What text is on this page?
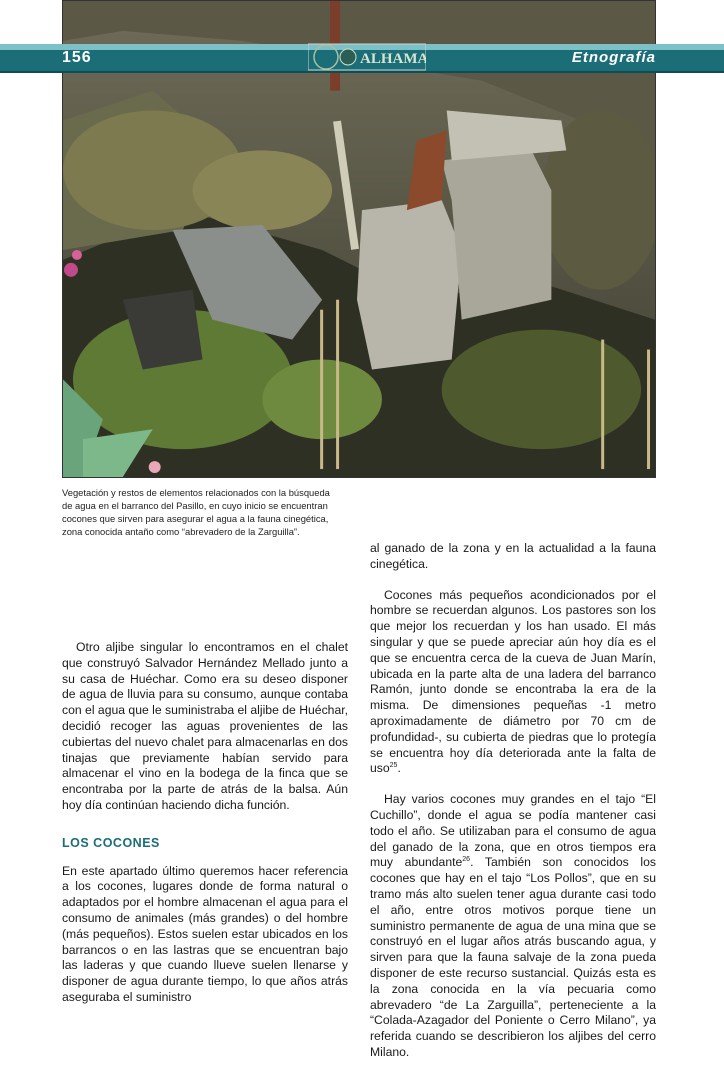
156	ALHAMA	Etnografía
Vegetación y restos de elementos relacionados con la búsqueda de agua en el barranco del Pasillo, en cuyo inicio se encuentran cocones que sirven para asegurar el agua a la fauna cinegética, zona conocida antaño como “abrevadero de la Zarguilla”.

Otro aljibe singular lo encontramos en el chalet que construyó Salvador Hernández Mellado junto a su casa de Huéchar. Como era su deseo disponer de agua de lluvia para su consumo, aunque contaba con el agua que le suministraba el aljibe de Huéchar, decidió recoger las aguas provenientes de las cubiertas del nuevo chalet para almacenarlas en dos tinajas que previamente habían servido para almacenar el vino en la bodega de la finca que se encontraba por la parte de atrás de la balsa. Aún hoy día continúan haciendo dicha función.

LOS COCONES

En este apartado último queremos hacer referencia a los cocones, lugares donde de forma natural o adaptados por el hombre almacenan el agua para el consumo de animales (más grandes) o del hombre (más pequeños). Estos suelen estar ubicados en los barrancos o en las lastras que se encuentran bajo las laderas y que cuando llueve suelen llenarse y disponer de agua durante tiempo, lo que años atrás aseguraba el suministro

al ganado de la zona y en la actualidad a la fauna cinegética.

Cocones más pequeños acondicionados por el hombre se recuerdan algunos. Los pastores son los que mejor los recuerdan y los han usado. El más singular y que se puede apreciar aún hoy día es el que se encuentra cerca de la cueva de Juan Marín, ubicada en la parte alta de una ladera del barranco Ramón, junto donde se encontraba la era de la misma. De dimensiones pequeñas -1 metro aproximadamente de diámetro por 70 cm de profundidad-, su cubierta de piedras que lo protegía se encuentra hoy día deteriorada ante la falta de uso$^{25}$.

Hay varios cocones muy grandes en el tajo “El Cuchillo”, donde el agua se podía mantener casi todo el año. Se utilizaban para el consumo de agua del ganado de la zona, que en otros tiempos era muy abundante$^{26}$. También son conocidos los cocones que hay en el tajo “Los Pollos”, que en su tramo más alto suelen tener agua durante casi todo el año, entre otros motivos porque tiene un suministro permanente de agua de una mina que se construyó en el lugar años atrás buscando agua, y sirven para que la fauna salvaje de la zona pueda disponer de este recurso sustancial. Quizás esta es la zona conocida en la vía pecuaria como abrevadero “de La Zarguilla”, perteneciente a la “Colada-Azagador del Poniente o Cerro Milano”, ya referida cuando se describieron los aljibes del cerro Milano.
